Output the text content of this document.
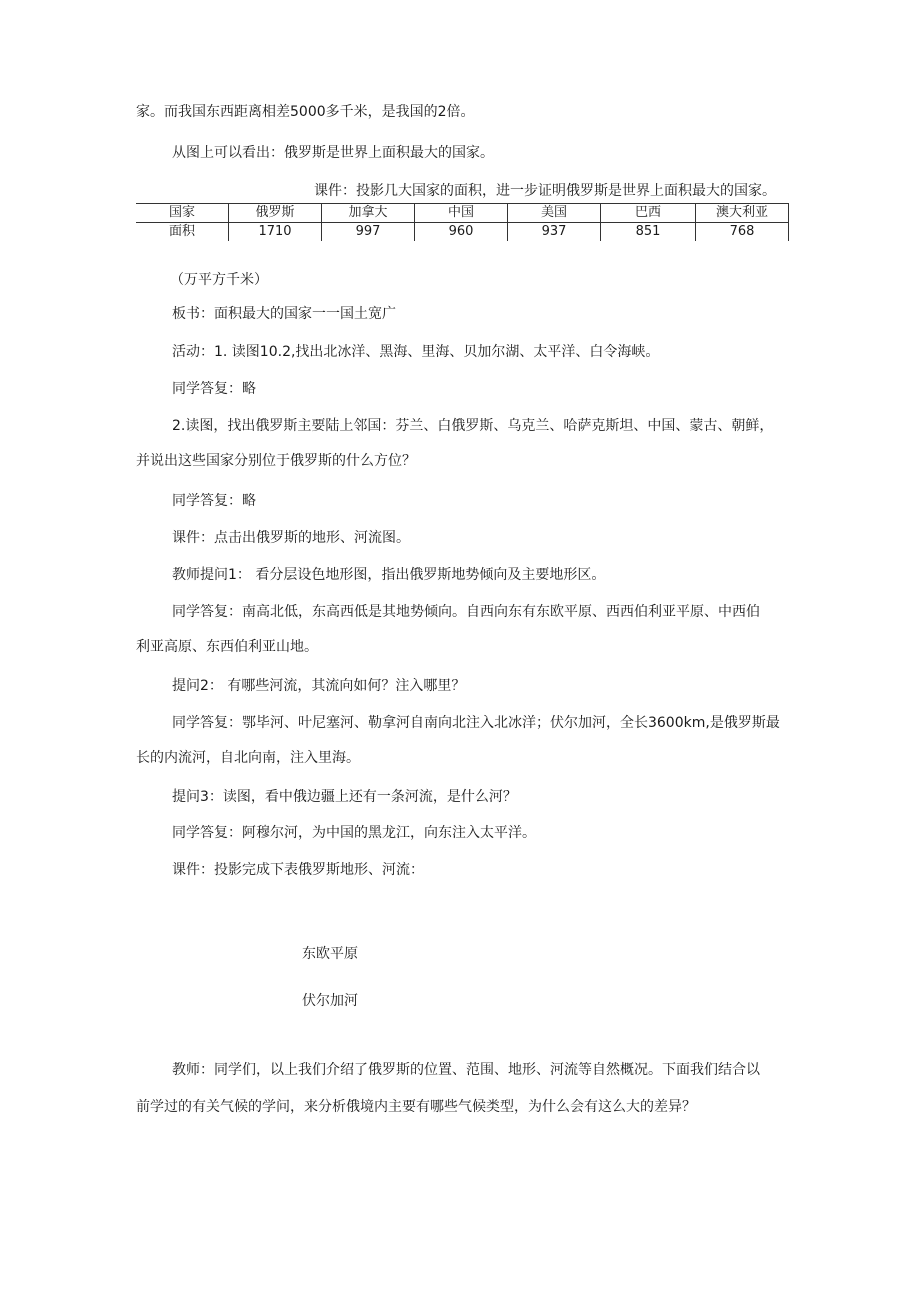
家。而我国东西距离相差5000多千米，是我国的2倍。
从图上可以看出：俄罗斯是世界上面积最大的国家。
课件：投影几大国家的面积，进一步证明俄罗斯是世界上面积最大的国家。
国家	俄罗斯	加拿大	中国	美国	巴西	澳大利亚
面积	1710	997	960	937	851	768
（万平方千米）
板书：面积最大的国家一一国土宽广
活动：1. 读图10.2,找出北冰洋、黑海、里海、贝加尔湖、太平洋、白令海峡。
同学答复：略
2.读图，找出俄罗斯主要陆上邻国：芬兰、白俄罗斯、乌克兰、哈萨克斯坦、中国、蒙古、朝鲜，
并说出这些国家分别位于俄罗斯的什么方位？
同学答复：略
课件：点击出俄罗斯的地形、河流图。
教师提问1： 看分层设色地形图，指出俄罗斯地势倾向及主要地形区。
同学答复：南高北低，东高西低是其地势倾向。自西向东有东欧平原、西西伯利亚平原、中西伯
利亚高原、东西伯利亚山地。
提问2： 有哪些河流，其流向如何？注入哪里？
同学答复：鄂毕河、叶尼塞河、勒拿河自南向北注入北冰洋；伏尔加河，全长3600km,是俄罗斯最
长的内流河，自北向南，注入里海。
提问3：读图，看中俄边疆上还有一条河流，是什么河？
同学答复：阿穆尔河，为中国的黑龙江，向东注入太平洋。
课件：投影完成下表俄罗斯地形、河流：
东欧平原
伏尔加河
教师：同学们，以上我们介绍了俄罗斯的位置、范围、地形、河流等自然概况。下面我们结合以
前学过的有关气候的学问，来分析俄境内主要有哪些气候类型，为什么会有这么大的差异？
